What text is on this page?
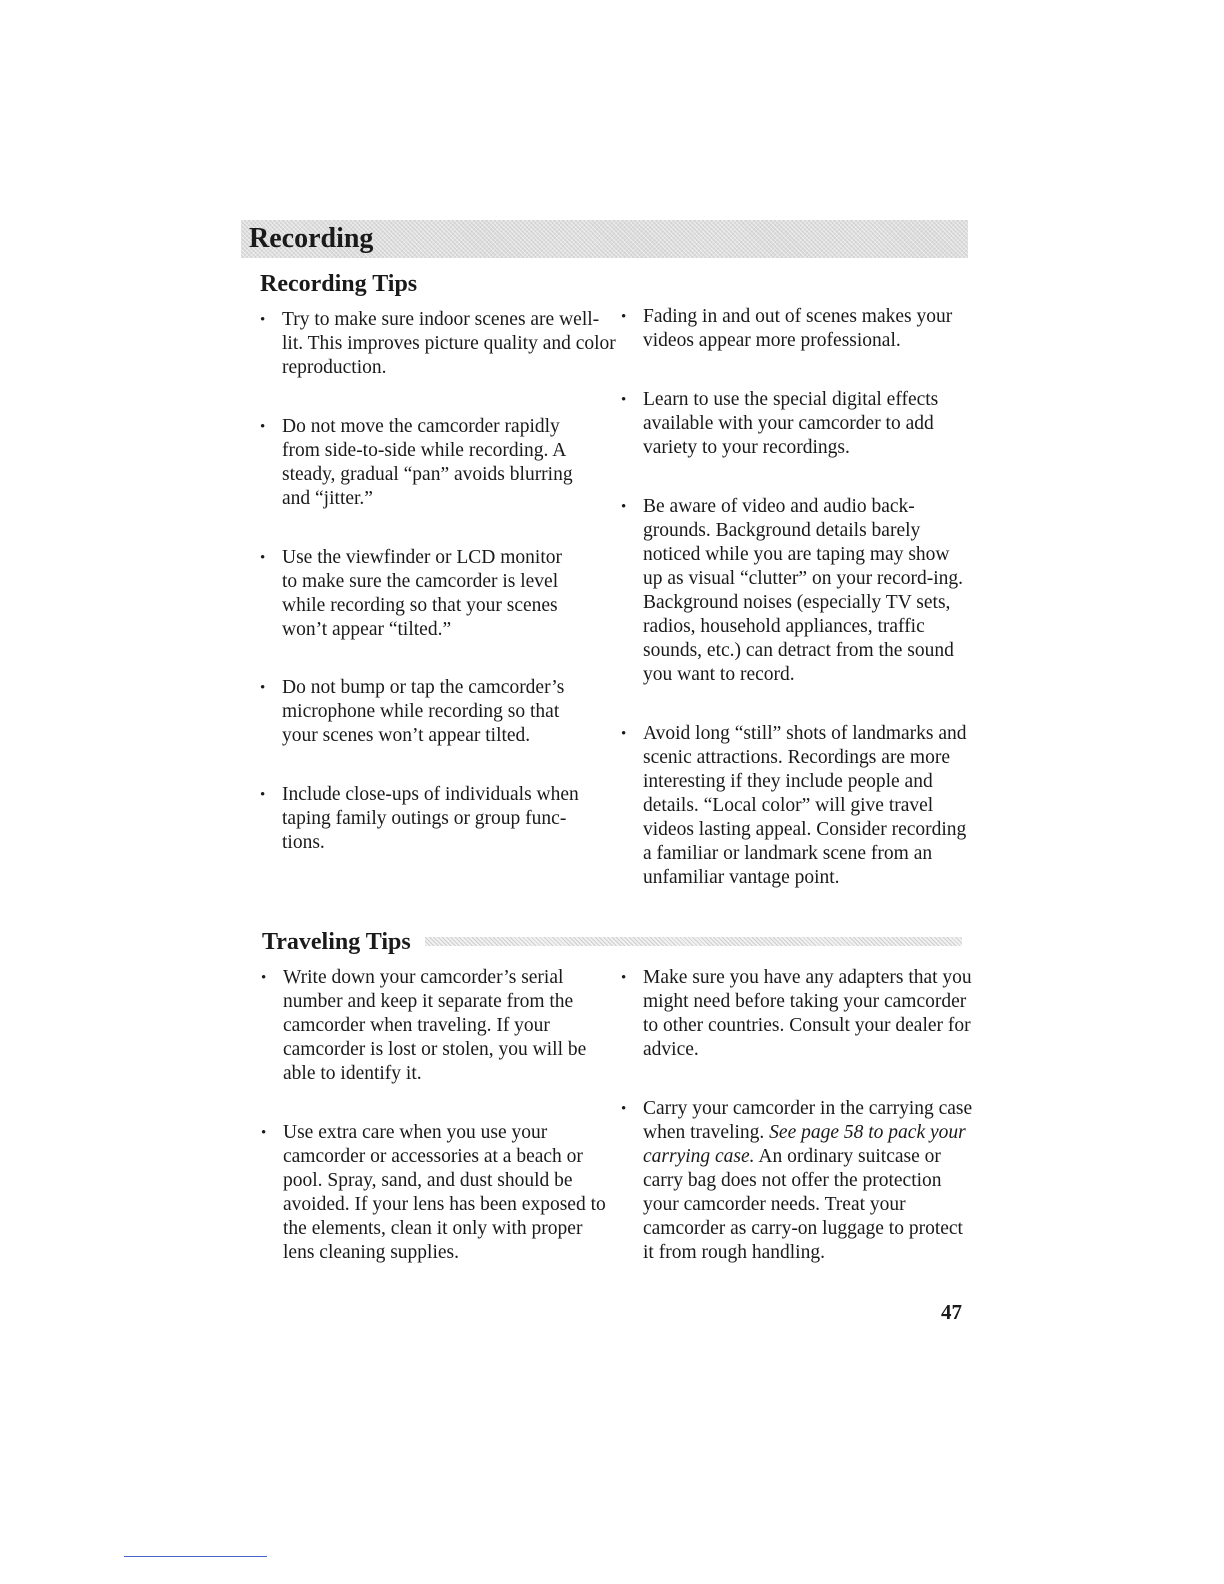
Recording
Recording Tips

• Try to make sure indoor scenes are well-lit. This improves picture quality and color reproduction.

• Do not move the camcorder rapidly from side-to-side while recording. A steady, gradual “pan” avoids blurring and “jitter.”

• Use the viewfinder or LCD monitor to make sure the camcorder is level while recording so that your scenes won’t appear “tilted.”

• Do not bump or tap the camcorder’s microphone while recording so that your scenes won’t appear tilted.

• Include close-ups of individuals when taping family outings or group func-tions.

• Fading in and out of scenes makes your videos appear more professional.

• Learn to use the special digital effects available with your camcorder to add variety to your recordings.

• Be aware of video and audio back-grounds. Background details barely noticed while you are taping may show up as visual “clutter” on your record-ing. Background noises (especially TV sets, radios, household appliances, traffic sounds, etc.) can detract from the sound you want to record.

• Avoid long “still” shots of landmarks and scenic attractions. Recordings are more interesting if they include people and details. “Local color” will give travel videos lasting appeal. Consider recording a familiar or landmark scene from an unfamiliar vantage point.

Traveling Tips

• Write down your camcorder’s serial number and keep it separate from the camcorder when traveling. If your camcorder is lost or stolen, you will be able to identify it.

• Use extra care when you use your camcorder or accessories at a beach or pool. Spray, sand, and dust should be avoided. If your lens has been exposed to the elements, clean it only with proper lens cleaning supplies.

• Make sure you have any adapters that you might need before taking your camcorder to other countries. Consult your dealer for advice.

• Carry your camcorder in the carrying case when traveling. See page 58 to pack your carrying case. An ordinary suitcase or carry bag does not offer the protection your camcorder needs. Treat your camcorder as carry-on luggage to protect it from rough handling.

47
